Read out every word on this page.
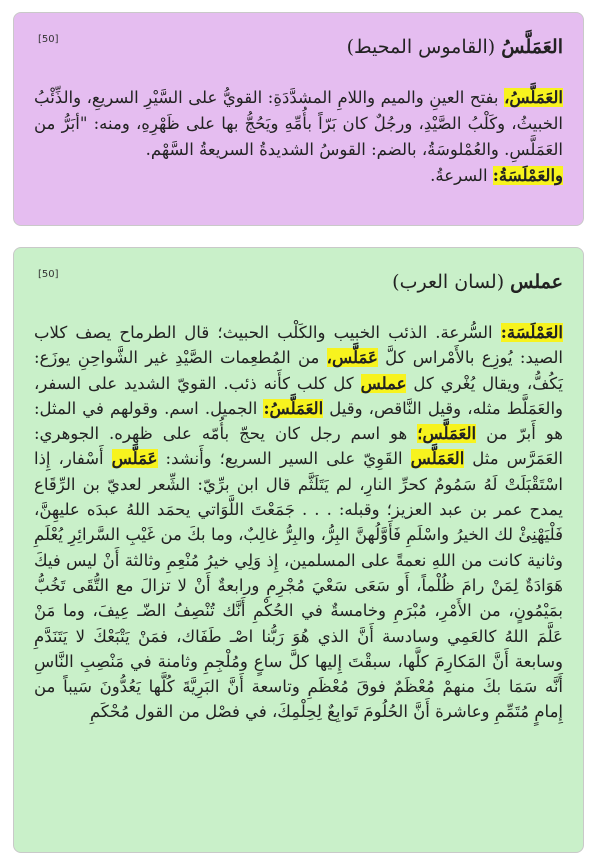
[50]	العَمَلَّسُ (القاموس المحيط)
العَمَلَّسُ، بفتح العينِ والميم واللامِ المشدَّدَةِ: القويُّ على السَّيْرِ السريعِ، والذِّئْبُ الخبيثُ، وكَلْبُ الصَّيْدِ، ورجُلٌ كان بَرّاً بأُمِّهِ ويَحُجُّ بها على ظَهْرِهِ، ومنه: "أبَرُّ من العَمَلَّسِ. والعُمْلوسَةُ، بالضم: القوسُ الشديدةُ السريعةُ السَّهْم.
والعَمْلَسَةُ: السرعةُ.
[50]	عملس (لسان العرب)
العَمْلَسَة: السُّرعة. الذئب الخبيب والكَلْب الحبيث؛ قال الطرماح يصف كلاب الصيد: يُوزِع بالأَمْراس كلَّ عَمَلَّس، من المُطعِمات الصَّيْدِ غير الشَّواحِنِ يوزَع: يَكُفُّ، ويقال يُغْري كل عملس كل كلب كأَنه ذئب. القويّ الشديد على السفر، والعَمَلَّط مثله، وقيل النَّاقص، وقيل العَمَلَّسُ: الجميل. اسم. وقولهم في المثل: هو أَبرّ من العَمَلَّس؛ هو اسم رجل كان يحجّ بأُمّه على ظهره. الجوهري: العَمَرَّس مثل العَمَلَّس القَوِيّ على السير السريع؛ وأَنشد: عَمَلَّس أَسْفار، إِذا اسْتَقْبَلَتْ لَهُ سَمُومٌ كحرِّ النارِ، لم يَتَلَثَّم قال ابن برِّيّ: الشِّعر لعديّ بن الرِّقَاع يمدح عمر بن عبد العزيز؛ وقبله: . . . جَمَعْتَ اللَّوَاتي يحمَد اللهُ عبدَه عليهِنَّ، فَلْيَهْنِئْ لك الخيرُ واسْلَمِ فَأَوَّلُهنَّ البِرُّ، والبِرُّ غالِبٌ، وما بكَ من غَيْبِ السَّرائِرِ يُعْلَمِ وثانية كانت من اللهِ نعمةً على المسلمين، إِذ وَلِي خيرُ مُنْعِمِ وثالثة أَنْ ليس فيكَ هَوَادَةٌ لِمَنْ رامَ ظُلْماً، أَو سَعَى سَعْيَ مُجْرِمِ ورابعةٌ أَنْ لا تزالَ مع التُّقَى تَخُبُّ بمَيْمُونٍ، من الأَمْرِ، مُبْرَمِ وخامسةٌ في الحُكْمِ أَنَّك تُنْصِفُ الضّـ عِيفَ، وما مَنْ عَلَّمَ اللهُ كالعَمِي وسادسة أَنَّ الذي هُوَ رَبُّنا اصْـ طَفَاك، فمَنْ يَتْبَعْكَ لا يَتَنَدَّمِ وسابعة أَنَّ المَكارِمَ كلَّها، سبقْتَ إِليها كلَّ ساعٍ ومُلْجِمِ وثامنة في مَنْصِبِ النَّاسِ أَنَّه سَمَا بكَ منهمْ مُعْظَمٌ فوقَ مُعْظَمِ وتاسعة أَنَّ البَرِيَّةَ كُلَّها يَعُدُّونَ سَيباً من إِمامٍ مُتَمِّمِ وعاشرة أَنَّ الحُلُومَ تَوابِعٌ لِحِلْمِكَ، في فصْل من القول مُحْكَمِ
